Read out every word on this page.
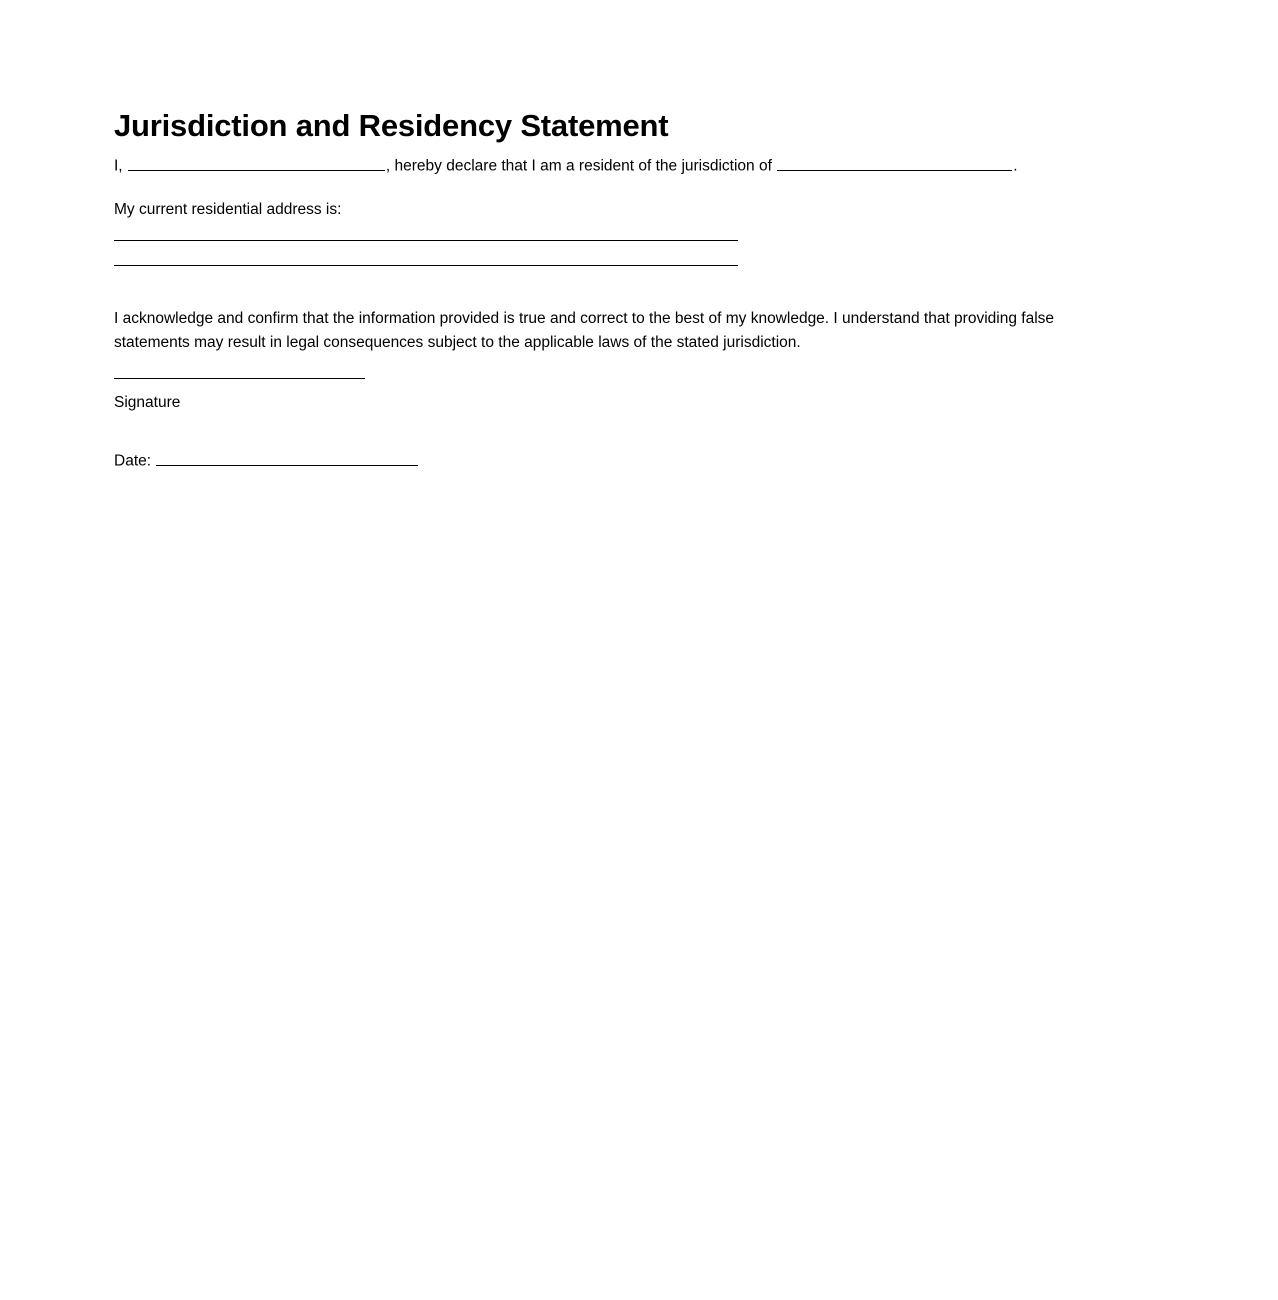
Jurisdiction and Residency Statement
I,	, hereby declare that I am a resident of the jurisdiction of	.
My current residential address is:

I acknowledge and confirm that the information provided is true and correct to the best of my knowledge. I understand that providing false statements may result in legal consequences subject to the applicable laws of the stated jurisdiction.

Signature
Date:
